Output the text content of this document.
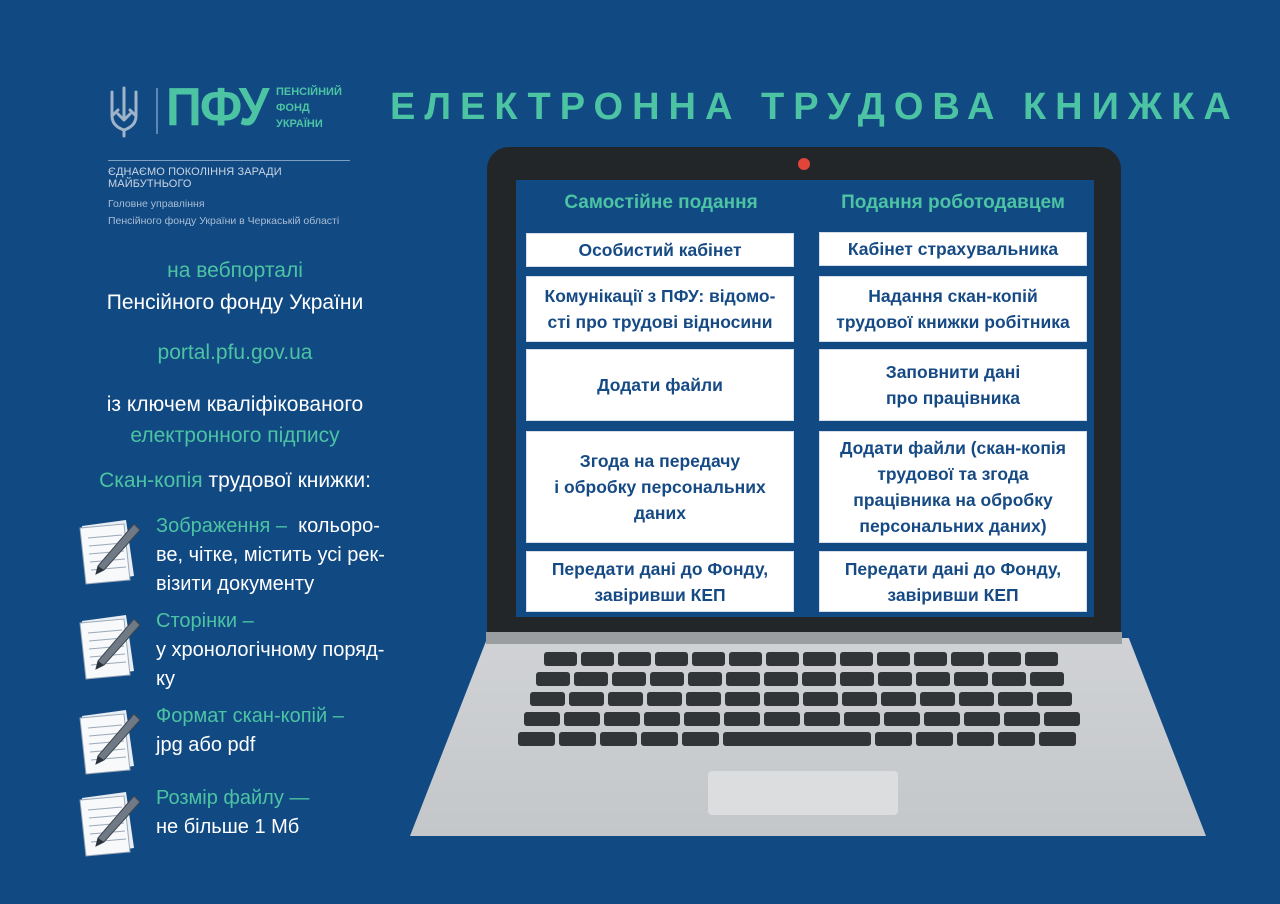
ПФУ ПЕНСІЙНИЙ
ФОНД
УКРАЇНИ
ЄДНАЄМО ПОКОЛІННЯ ЗАРАДИ МАЙБУТНЬОГО
Головне управління
Пенсійного фонду України в Черкаській області
ЕЛЕКТРОННА ТРУДОВА КНИЖКА
на вебпорталі
Пенсійного фонду України
portal.pfu.gov.ua
із ключем кваліфікованого
електронного підпису
Скан-копія трудової книжки:
Зображення – кольоро-
ве, чітке, містить усі рек-
візити документу
Сторінки –
у хронологічному поряд-
ку
Формат скан-копій –
jpg або pdf
Розмір файлу —
не більше 1 Мб
Самостійне подання	Подання роботодавцем
Особистий кабінет
Комунікації з ПФУ: відомо-
сті про трудові відносини
Додати файли
Згода на передачу
і обробку персональних
даних
Передати дані до Фонду,
завіривши КЕП
Кабінет страхувальника
Надання скан-копій
трудової книжки робітника
Заповнити дані
про працівника
Додати файли (скан-копія
трудової та згода
працівника на обробку
персональних даних)
Передати дані до Фонду,
завіривши КЕП
